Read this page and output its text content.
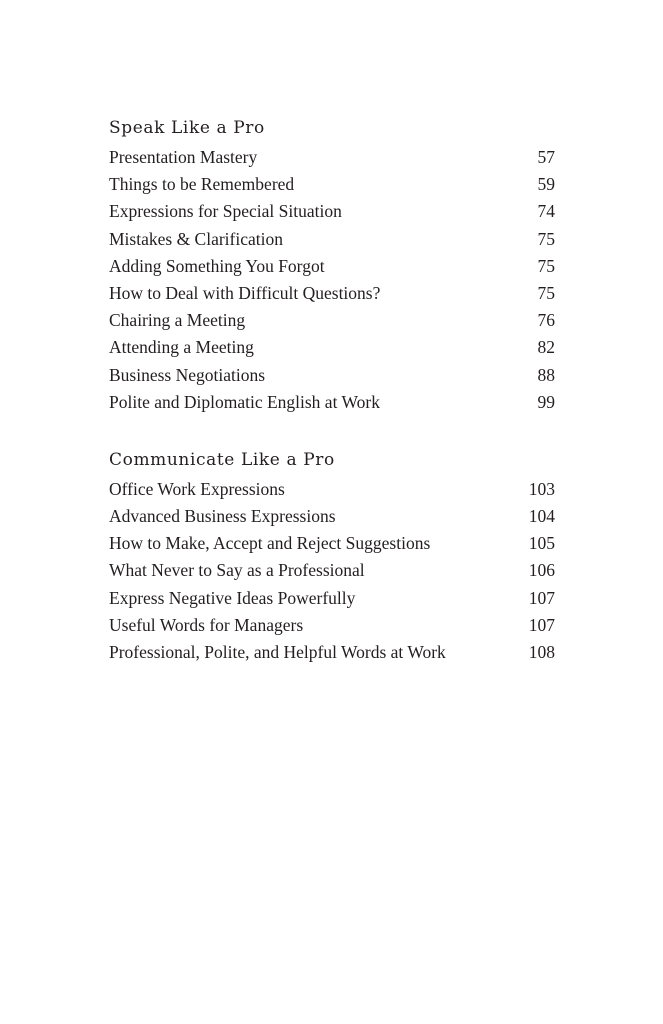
Speak Like a Pro
Presentation Mastery	57
Things to be Remembered	59
Expressions for Special Situation	74
Mistakes & Clarification	75
Adding Something You Forgot	75
How to Deal with Difficult Questions?	75
Chairing a Meeting	76
Attending a Meeting	82
Business Negotiations	88
Polite and Diplomatic English at Work	99
Communicate Like a Pro
Office Work Expressions	103
Advanced Business Expressions	104
How to Make, Accept and Reject Suggestions	105
What Never to Say as a Professional	106
Express Negative Ideas Powerfully	107
Useful Words for Managers	107
Professional, Polite, and Helpful Words at Work	108
